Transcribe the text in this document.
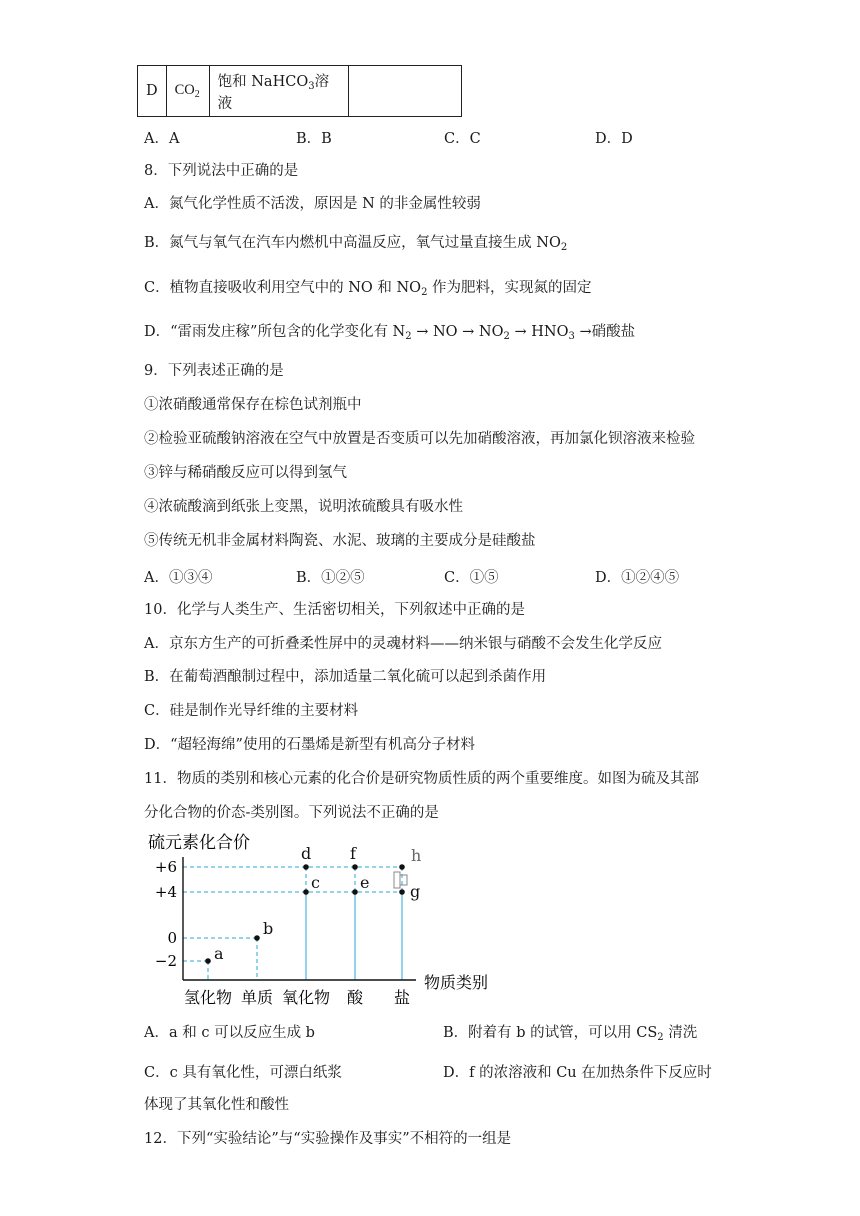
D	$CO_2$	饱和 NaHCO$_3$溶液	
A．A	B．B	C．C	D．D
8．下列说法中正确的是
A．氮气化学性质不活泼，原因是 N 的非金属性较弱
B．氮气与氧气在汽车内燃机中高温反应，氧气过量直接生成 $NO_2$
C．植物直接吸收利用空气中的 NO 和 $NO_2$ 作为肥料，实现氮的固定
D．“雷雨发庄稼”所包含的化学变化有 $N_2$ → NO → $NO_2 \to HNO_3$ →硝酸盐
9．下列表述正确的是
①浓硝酸通常保存在棕色试剂瓶中
②检验亚硫酸钠溶液在空气中放置是否变质可以先加硝酸溶液，再加氯化钡溶液来检验
③锌与稀硝酸反应可以得到氢气
④浓硫酸滴到纸张上变黑，说明浓硫酸具有吸水性
⑤传统无机非金属材料陶瓷、水泥、玻璃的主要成分是硅酸盐
A．①③④	B．①②⑤	C．①⑤	D．①②④⑤
10．化学与人类生产、生活密切相关，下列叙述中正确的是
A．京东方生产的可折叠柔性屏中的灵魂材料——纳米银与硝酸不会发生化学反应
B．在葡萄酒酿制过程中，添加适量二氧化硫可以起到杀菌作用
C．硅是制作光导纤维的主要材料
D．“超轻海绵”使用的石墨烯是新型有机高分子材料
11．物质的类别和核心元素的化合价是研究物质性质的两个重要维度。如图为硫及其部
分化合物的价态-类别图。下列说法不正确的是
硫元素化合价
+6
+4
0
−2
氢化物 单质 氧化物 酸 盐
物质类别
a
b
c
d
e
f
g
h
A．a 和 c 可以反应生成 b	B．附着有 b 的试管，可以用 $CS_2$ 清洗
C．c 具有氧化性，可漂白纸浆	D．f 的浓溶液和 Cu 在加热条件下反应时
体现了其氧化性和酸性
12．下列“实验结论”与“实验操作及事实”不相符的一组是
